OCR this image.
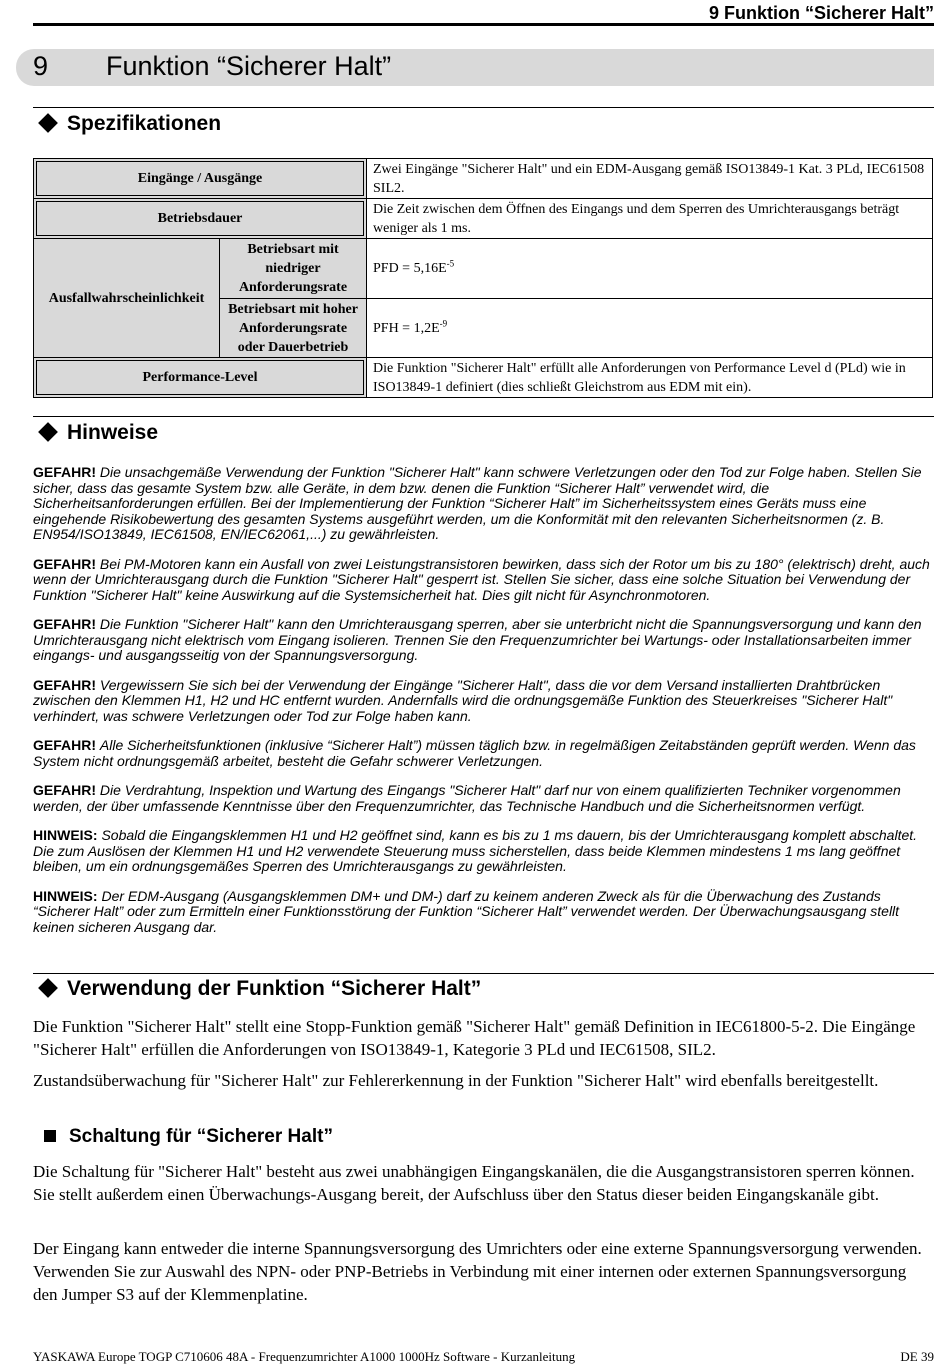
9 Funktion “Sicherer Halt”
9 Funktion “Sicherer Halt”
Spezifikationen
Eingänge / Ausgänge		Zwei Eingänge "Sicherer Halt" und ein EDM-Ausgang gemäß ISO13849-1 Kat. 3 PLd, IEC61508 SIL2.
Betriebsdauer		Die Zeit zwischen dem Öffnen des Eingangs und dem Sperren des Umrichterausgangs beträgt weniger als 1 ms.
Ausfallwahrscheinlichkeit	Betriebsart mit niedriger Anforderungsrate	PFD = $5,16E^{-5}$
	Betriebsart mit hoher Anforderungsrate oder Dauerbetrieb	PFH = $1,2E^{-9}$
Performance-Level		Die Funktion "Sicherer Halt" erfüllt alle Anforderungen von Performance Level d (PLd) wie in ISO13849-1 definiert (dies schließt Gleichstrom aus EDM mit ein).
Hinweise

GEFAHR! Die unsachgemäße Verwendung der Funktion "Sicherer Halt" kann schwere Verletzungen oder den Tod zur Folge haben. Stellen Sie sicher, dass das gesamte System bzw. alle Geräte, in dem bzw. denen die Funktion “Sicherer Halt” verwendet wird, die Sicherheitsanforderungen erfüllen. Bei der Implementierung der Funktion “Sicherer Halt” im Sicherheitssystem eines Geräts muss eine eingehende Risikobewertung des gesamten Systems ausgeführt werden, um die Konformität mit den relevanten Sicherheitsnormen (z. B. EN954/ISO13849, IEC61508, EN/IEC62061,...) zu gewährleisten.

GEFAHR! Bei PM-Motoren kann ein Ausfall von zwei Leistungstransistoren bewirken, dass sich der Rotor um bis zu 180° (elektrisch) dreht, auch wenn der Umrichterausgang durch die Funktion "Sicherer Halt" gesperrt ist. Stellen Sie sicher, dass eine solche Situation bei Verwendung der Funktion "Sicherer Halt" keine Auswirkung auf die Systemsicherheit hat. Dies gilt nicht für Asynchronmotoren.

GEFAHR! Die Funktion "Sicherer Halt" kann den Umrichterausgang sperren, aber sie unterbricht nicht die Spannungsversorgung und kann den Umrichterausgang nicht elektrisch vom Eingang isolieren. Trennen Sie den Frequenzumrichter bei Wartungs- oder Installationsarbeiten immer eingangs- und ausgangsseitig von der Spannungsversorgung.

GEFAHR! Vergewissern Sie sich bei der Verwendung der Eingänge "Sicherer Halt", dass die vor dem Versand installierten Drahtbrücken zwischen den Klemmen H1, H2 und HC entfernt wurden. Andernfalls wird die ordnungsgemäße Funktion des Steuerkreises "Sicherer Halt" verhindert, was schwere Verletzungen oder Tod zur Folge haben kann.

GEFAHR! Alle Sicherheitsfunktionen (inklusive “Sicherer Halt”) müssen täglich bzw. in regelmäßigen Zeitabständen geprüft werden. Wenn das System nicht ordnungsgemäß arbeitet, besteht die Gefahr schwerer Verletzungen.

GEFAHR! Die Verdrahtung, Inspektion und Wartung des Eingangs "Sicherer Halt" darf nur von einem qualifizierten Techniker vorgenommen werden, der über umfassende Kenntnisse über den Frequenzumrichter, das Technische Handbuch und die Sicherheitsnormen verfügt.

HINWEIS: Sobald die Eingangsklemmen H1 und H2 geöffnet sind, kann es bis zu 1 ms dauern, bis der Umrichterausgang komplett abschaltet. Die zum Auslösen der Klemmen H1 und H2 verwendete Steuerung muss sicherstellen, dass beide Klemmen mindestens 1 ms lang geöffnet bleiben, um ein ordnungsgemäßes Sperren des Umrichterausgangs zu gewährleisten.

HINWEIS: Der EDM-Ausgang (Ausgangsklemmen DM+ und DM-) darf zu keinem anderen Zweck als für die Überwachung des Zustands “Sicherer Halt” oder zum Ermitteln einer Funktionsstörung der Funktion “Sicherer Halt” verwendet werden. Der Überwachungsausgang stellt keinen sicheren Ausgang dar.

Verwendung der Funktion “Sicherer Halt”

Die Funktion "Sicherer Halt" stellt eine Stopp-Funktion gemäß "Sicherer Halt" gemäß Definition in IEC61800-5-2. Die Eingänge "Sicherer Halt" erfüllen die Anforderungen von ISO13849-1, Kategorie 3 PLd und IEC61508, SIL2.

Zustandsüberwachung für "Sicherer Halt" zur Fehlererkennung in der Funktion "Sicherer Halt" wird ebenfalls bereitgestellt.

Schaltung für “Sicherer Halt”

Die Schaltung für "Sicherer Halt" besteht aus zwei unabhängigen Eingangskanälen, die die Ausgangstransistoren sperren können. Sie stellt außerdem einen Überwachungs-Ausgang bereit, der Aufschluss über den Status dieser beiden Eingangskanäle gibt.

Der Eingang kann entweder die interne Spannungsversorgung des Umrichters oder eine externe Spannungsversorgung verwenden. Verwenden Sie zur Auswahl des NPN- oder PNP-Betriebs in Verbindung mit einer internen oder externen Spannungsversorgung den Jumper S3 auf der Klemmenplatine.

YASKAWA Europe TOGP C710606 48A - Frequenzumrichter A1000 1000Hz Software - Kurzanleitung	DE 39
